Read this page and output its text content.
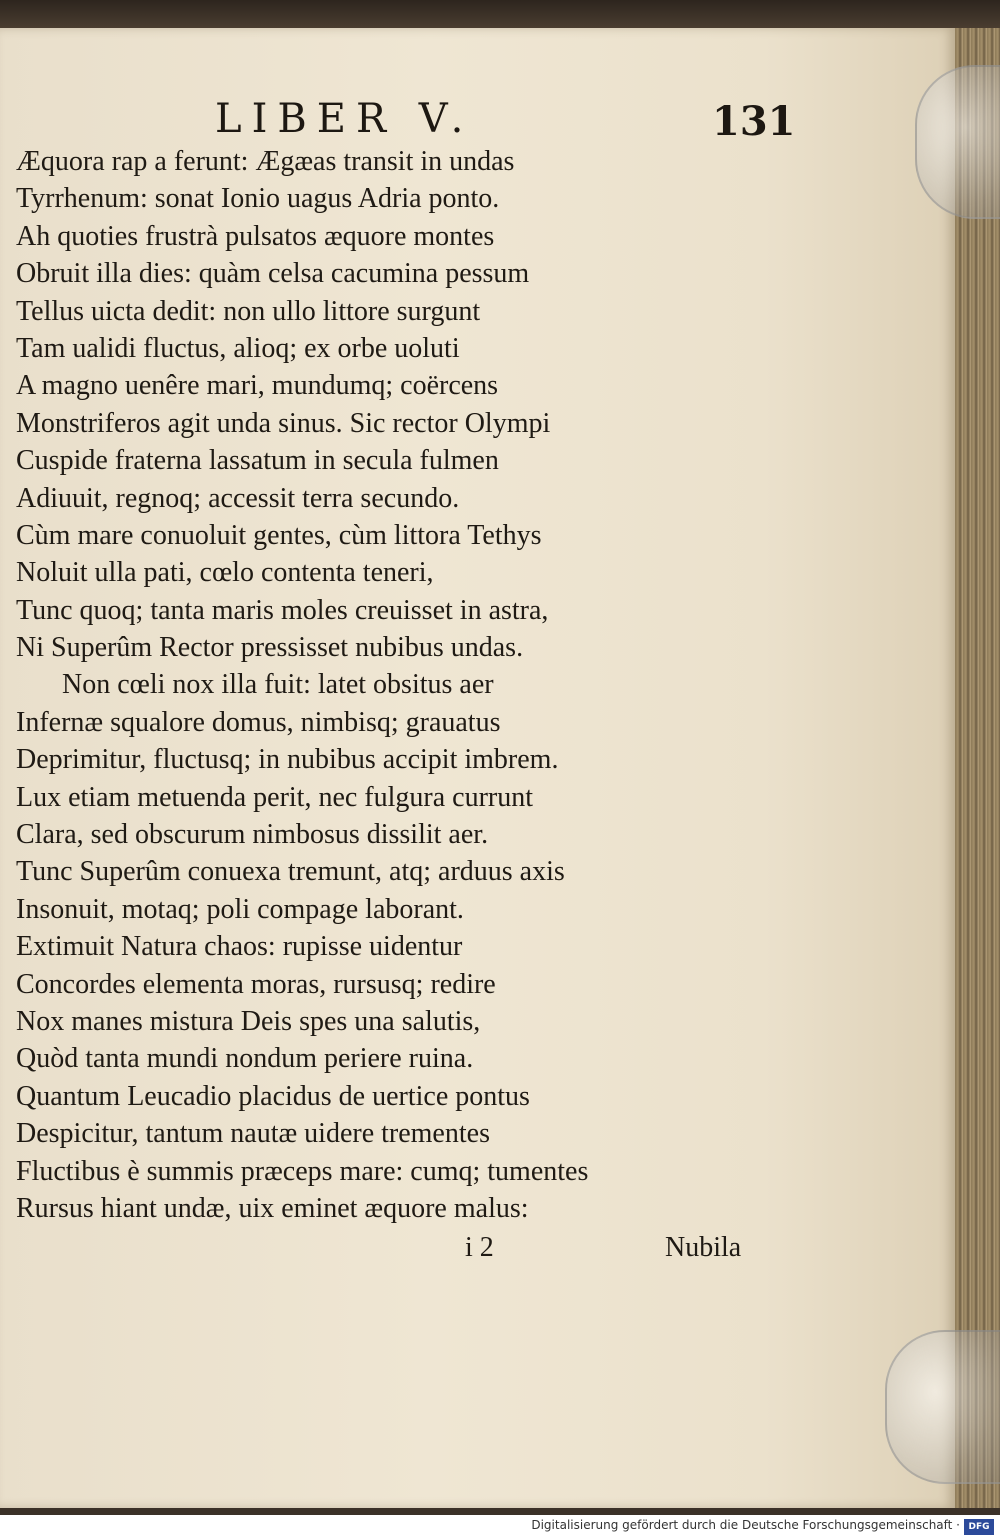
LIBER V.	131
Æquora rap a ferunt: Ægæas transit in undas
Tyrrhenum: sonat Ionio uagus Adria ponto.
Ah quoties frustrà pulsatos æquore montes
Obruit illa dies: quàm celsa cacumina pessum
Tellus uicta dedit: non ullo littore surgunt
Tam ualidi fluctus, alioq; ex orbe uoluti
A magno uenêre mari, mundumq; coërcens
Monstriferos agit unda sinus. Sic rector Olympi
Cuspide fraterna lassatum in secula fulmen
Adiuuit, regnoq; accessit terra secundo.
Cùm mare conuoluit gentes, cùm littora Tethys
Noluit ulla pati, cœlo contenta teneri,
Tunc quoq; tanta maris moles creuisset in astra,
Ni Superûm Rector pressisset nubibus undas.
Non cœli nox illa fuit: latet obsitus aer
Infernæ squalore domus, nimbisq; grauatus
Deprimitur, fluctusq; in nubibus accipit imbrem.
Lux etiam metuenda perit, nec fulgura currunt
Clara, sed obscurum nimbosus dissilit aer.
Tunc Superûm conuexa tremunt, atq; arduus axis
Insonuit, motaq; poli compage laborant.
Extimuit Natura chaos: rupisse uidentur
Concordes elementa moras, rursusq; redire
Nox manes mistura Deis spes una salutis,
Quòd tanta mundi nondum periere ruina.
Quantum Leucadio placidus de uertice pontus
Despicitur, tantum nautæ uidere trementes
Fluctibus è summis præceps mare: cumq; tumentes
Rursus hiant undæ, uix eminet æquore malus:
i 2	Nubila
Digitalisierung gefördert durch die Deutsche Forschungsgemeinschaft · DFG
